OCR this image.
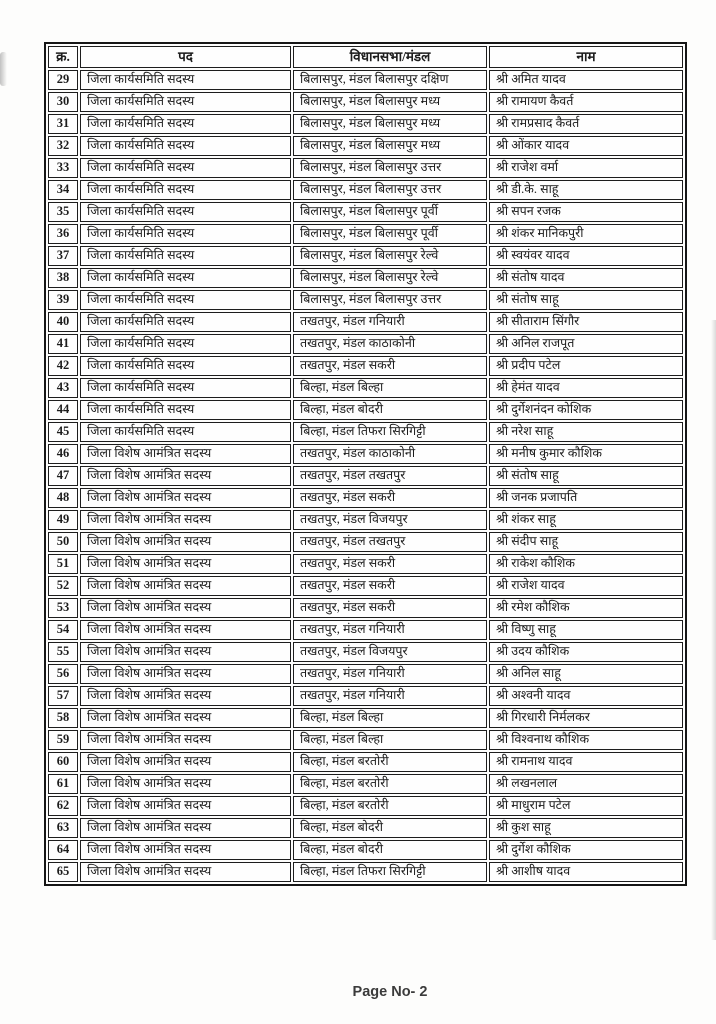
क्र.	पद	विधानसभा/मंडल	नाम
29	जिला कार्यसमिति सदस्य	बिलासपुर, मंडल बिलासपुर दक्षिण	श्री अमित यादव
30	जिला कार्यसमिति सदस्य	बिलासपुर, मंडल बिलासपुर मध्य	श्री रामायण कैवर्त
31	जिला कार्यसमिति सदस्य	बिलासपुर, मंडल बिलासपुर मध्य	श्री रामप्रसाद कैवर्त
32	जिला कार्यसमिति सदस्य	बिलासपुर, मंडल बिलासपुर मध्य	श्री ओंकार यादव
33	जिला कार्यसमिति सदस्य	बिलासपुर, मंडल बिलासपुर उत्तर	श्री राजेश वर्मा
34	जिला कार्यसमिति सदस्य	बिलासपुर, मंडल बिलासपुर उत्तर	श्री डी.के. साहू
35	जिला कार्यसमिति सदस्य	बिलासपुर, मंडल बिलासपुर पूर्वी	श्री सपन रजक
36	जिला कार्यसमिति सदस्य	बिलासपुर, मंडल बिलासपुर पूर्वी	श्री शंकर मानिकपुरी
37	जिला कार्यसमिति सदस्य	बिलासपुर, मंडल बिलासपुर रेल्वे	श्री स्वयंवर यादव
38	जिला कार्यसमिति सदस्य	बिलासपुर, मंडल बिलासपुर रेल्वे	श्री संतोष यादव
39	जिला कार्यसमिति सदस्य	बिलासपुर, मंडल बिलासपुर उत्तर	श्री संतोष साहू
40	जिला कार्यसमिति सदस्य	तखतपुर, मंडल गनियारी	श्री सीताराम सिंगौर
41	जिला कार्यसमिति सदस्य	तखतपुर, मंडल काठाकोनी	श्री अनिल राजपूत
42	जिला कार्यसमिति सदस्य	तखतपुर, मंडल सकरी	श्री प्रदीप पटेल
43	जिला कार्यसमिति सदस्य	बिल्हा, मंडल बिल्हा	श्री हेमंत यादव
44	जिला कार्यसमिति सदस्य	बिल्हा, मंडल बोदरी	श्री दुर्गेशनंदन कोशिक
45	जिला कार्यसमिति सदस्य	बिल्हा, मंडल तिफरा सिरगिट्टी	श्री नरेश साहू
46	जिला विशेष आमंत्रित सदस्य	तखतपुर, मंडल काठाकोनी	श्री मनीष कुमार कौशिक
47	जिला विशेष आमंत्रित सदस्य	तखतपुर, मंडल तखतपुर	श्री संतोष साहू
48	जिला विशेष आमंत्रित सदस्य	तखतपुर, मंडल सकरी	श्री जनक प्रजापति
49	जिला विशेष आमंत्रित सदस्य	तखतपुर, मंडल विजयपुर	श्री शंकर साहू
50	जिला विशेष आमंत्रित सदस्य	तखतपुर, मंडल तखतपुर	श्री संदीप साहू
51	जिला विशेष आमंत्रित सदस्य	तखतपुर, मंडल सकरी	श्री राकेश कौशिक
52	जिला विशेष आमंत्रित सदस्य	तखतपुर, मंडल सकरी	श्री राजेश यादव
53	जिला विशेष आमंत्रित सदस्य	तखतपुर, मंडल सकरी	श्री रमेश कौशिक
54	जिला विशेष आमंत्रित सदस्य	तखतपुर, मंडल गनियारी	श्री विष्णु साहू
55	जिला विशेष आमंत्रित सदस्य	तखतपुर, मंडल विजयपुर	श्री उदय कौशिक
56	जिला विशेष आमंत्रित सदस्य	तखतपुर, मंडल गनियारी	श्री अनिल साहू
57	जिला विशेष आमंत्रित सदस्य	तखतपुर, मंडल गनियारी	श्री अश्वनी यादव
58	जिला विशेष आमंत्रित सदस्य	बिल्हा, मंडल बिल्हा	श्री गिरधारी निर्मलकर
59	जिला विशेष आमंत्रित सदस्य	बिल्हा, मंडल बिल्हा	श्री विश्वनाथ कौशिक
60	जिला विशेष आमंत्रित सदस्य	बिल्हा, मंडल बरतोरी	श्री रामनाथ यादव
61	जिला विशेष आमंत्रित सदस्य	बिल्हा, मंडल बरतोरी	श्री लखनलाल
62	जिला विशेष आमंत्रित सदस्य	बिल्हा, मंडल बरतोरी	श्री माधुराम पटेल
63	जिला विशेष आमंत्रित सदस्य	बिल्हा, मंडल बोदरी	श्री कुश साहू
64	जिला विशेष आमंत्रित सदस्य	बिल्हा, मंडल बोदरी	श्री दुर्गेश कौशिक
65	जिला विशेष आमंत्रित सदस्य	बिल्हा, मंडल तिफरा सिरगिट्टी	श्री आशीष यादव
Page No- 2
